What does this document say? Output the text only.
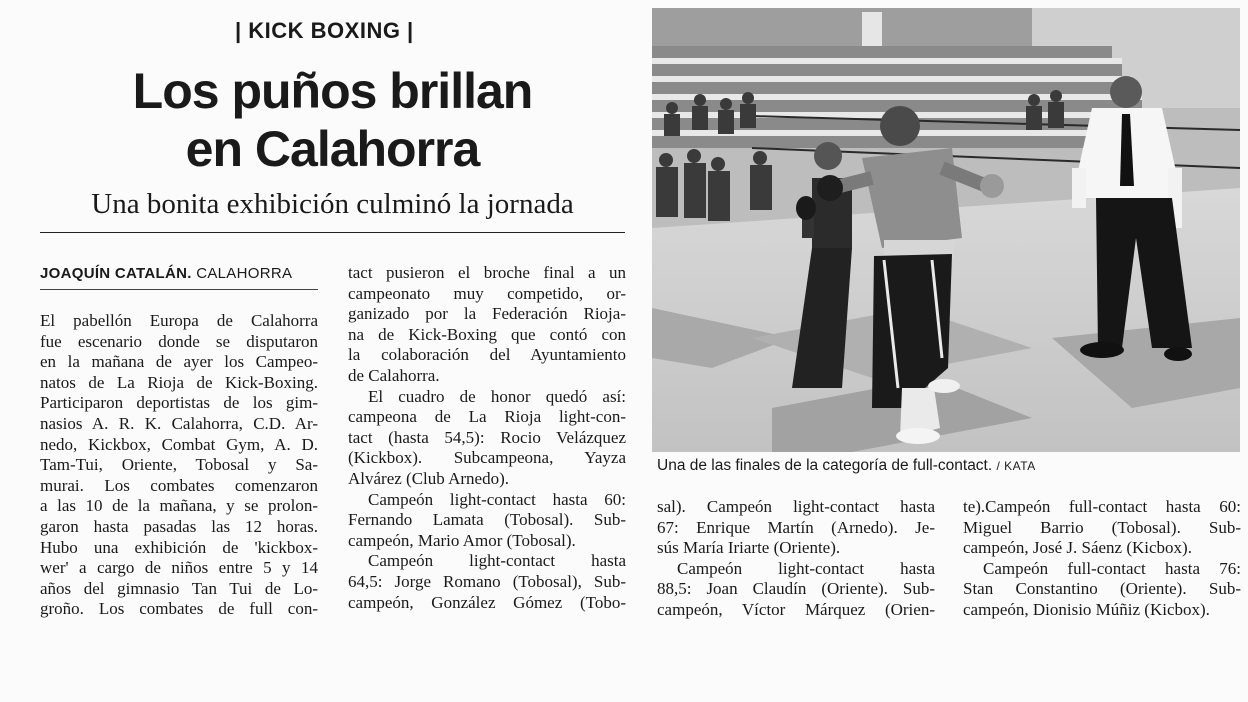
| KICK BOXING |
Los puños brillan
en Calahorra
Una bonita exhibición culminó la jornada
JOAQUÍN CATALÁN. CALAHORRA

El pabellón Europa de Calahorra

fue escenario donde se disputaron

en la mañana de ayer los Campeo-

natos de La Rioja de Kick-Boxing.

Participaron deportistas de los gim-

nasios A. R. K. Calahorra, C.D. Ar-

nedo, Kickbox, Combat Gym, A. D.

Tam-Tui, Oriente, Tobosal y Sa-

murai. Los combates comenzaron

a las 10 de la mañana, y se prolon-

garon hasta pasadas las 12 horas.

Hubo una exhibición de 'kickbox-

wer' a cargo de niños entre 5 y 14

años del gimnasio Tan Tui de Lo-

groño. Los combates de full con-

tact pusieron el broche final a un

campeonato muy competido, or-

ganizado por la Federación Rioja-

na de Kick-Boxing que contó con

la colaboración del Ayuntamiento

de Calahorra.

El cuadro de honor quedó así:

campeona de La Rioja light-con-

tact (hasta 54,5): Rocio Velázquez

(Kickbox). Subcampeona, Yayza

Alvárez (Club Arnedo).

Campeón light-contact hasta 60:

Fernando Lamata (Tobosal). Sub-

campeón, Mario Amor (Tobosal).

Campeón light-contact hasta

64,5: Jorge Romano (Tobosal), Sub-

campeón, González Gómez (Tobo-

sal). Campeón light-contact hasta

67: Enrique Martín (Arnedo). Je-

sús María Iriarte (Oriente).

Campeón light-contact hasta

88,5: Joan Claudín (Oriente). Sub-

campeón, Víctor Márquez (Orien-

te).Campeón full-contact hasta 60:

Miguel Barrio (Tobosal). Sub-

campeón, José J. Sáenz (Kicbox).

Campeón full-contact hasta 76:

Stan Constantino (Oriente). Sub-

campeón, Dionisio Múñiz (Kicbox).

Una de las finales de la categoría de full-contact. / KATA
